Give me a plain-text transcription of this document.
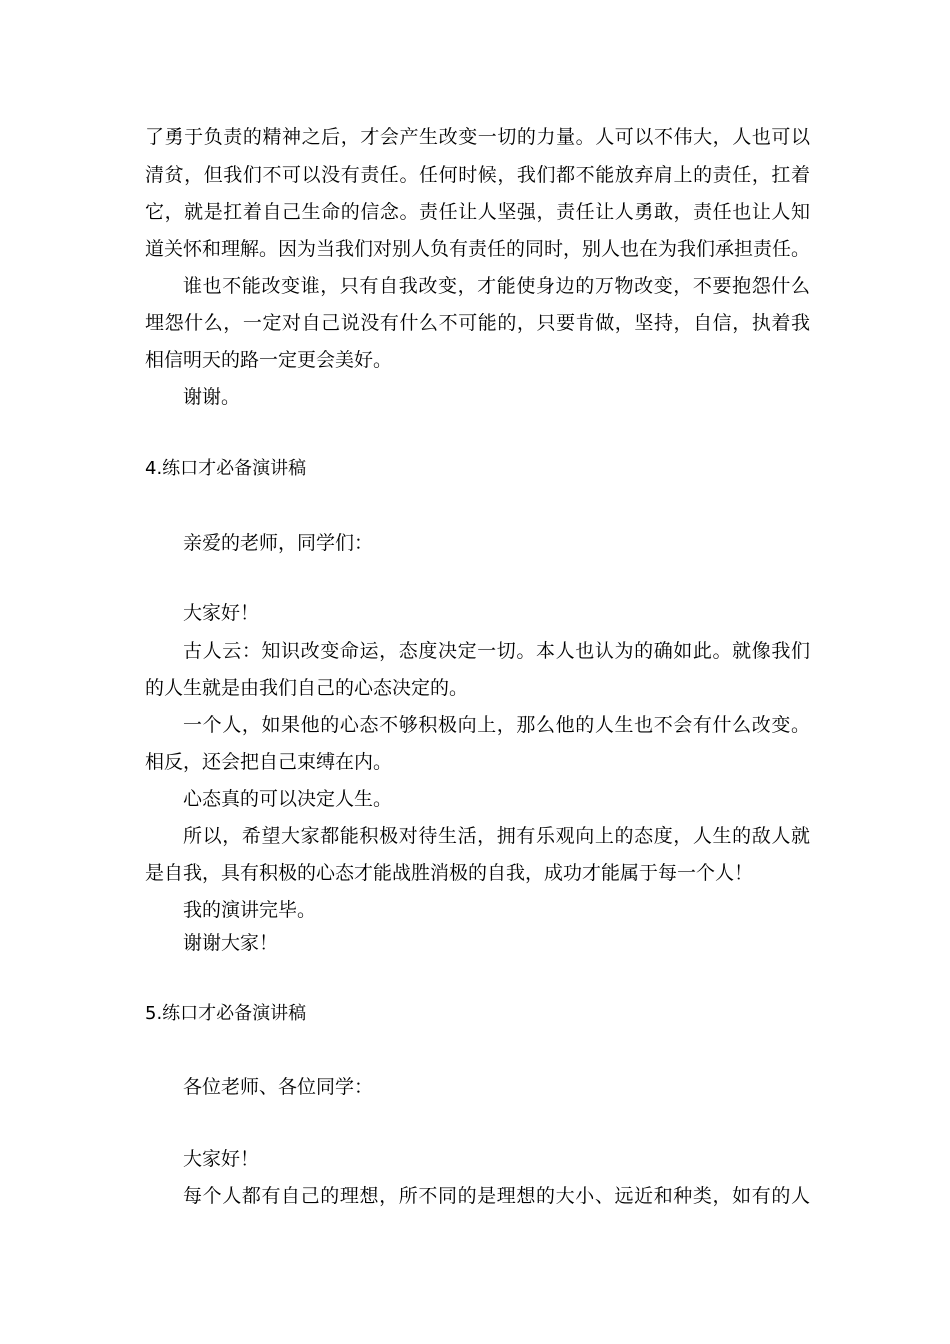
了勇于负责的精神之后，才会产生改变一切的力量。人可以不伟大，人也可以
清贫，但我们不可以没有责任。任何时候，我们都不能放弃肩上的责任，扛着
它，就是扛着自己生命的信念。责任让人坚强，责任让人勇敢，责任也让人知
道关怀和理解。因为当我们对别人负有责任的同时，别人也在为我们承担责任。
谁也不能改变谁，只有自我改变，才能使身边的万物改变，不要抱怨什么
埋怨什么，一定对自己说没有什么不可能的，只要肯做，坚持，自信，执着我
相信明天的路一定更会美好。
谢谢。
4.练口才必备演讲稿
亲爱的老师，同学们：
大家好！
古人云：知识改变命运，态度决定一切。本人也认为的确如此。就像我们
的人生就是由我们自己的心态决定的。
一个人，如果他的心态不够积极向上，那么他的人生也不会有什么改变。
相反，还会把自己束缚在内。
心态真的可以决定人生。
所以，希望大家都能积极对待生活，拥有乐观向上的态度，人生的敌人就
是自我，具有积极的心态才能战胜消极的自我，成功才能属于每一个人！
我的演讲完毕。
谢谢大家！
5.练口才必备演讲稿
各位老师、各位同学：
大家好！
每个人都有自己的理想，所不同的是理想的大小、远近和种类，如有的人
